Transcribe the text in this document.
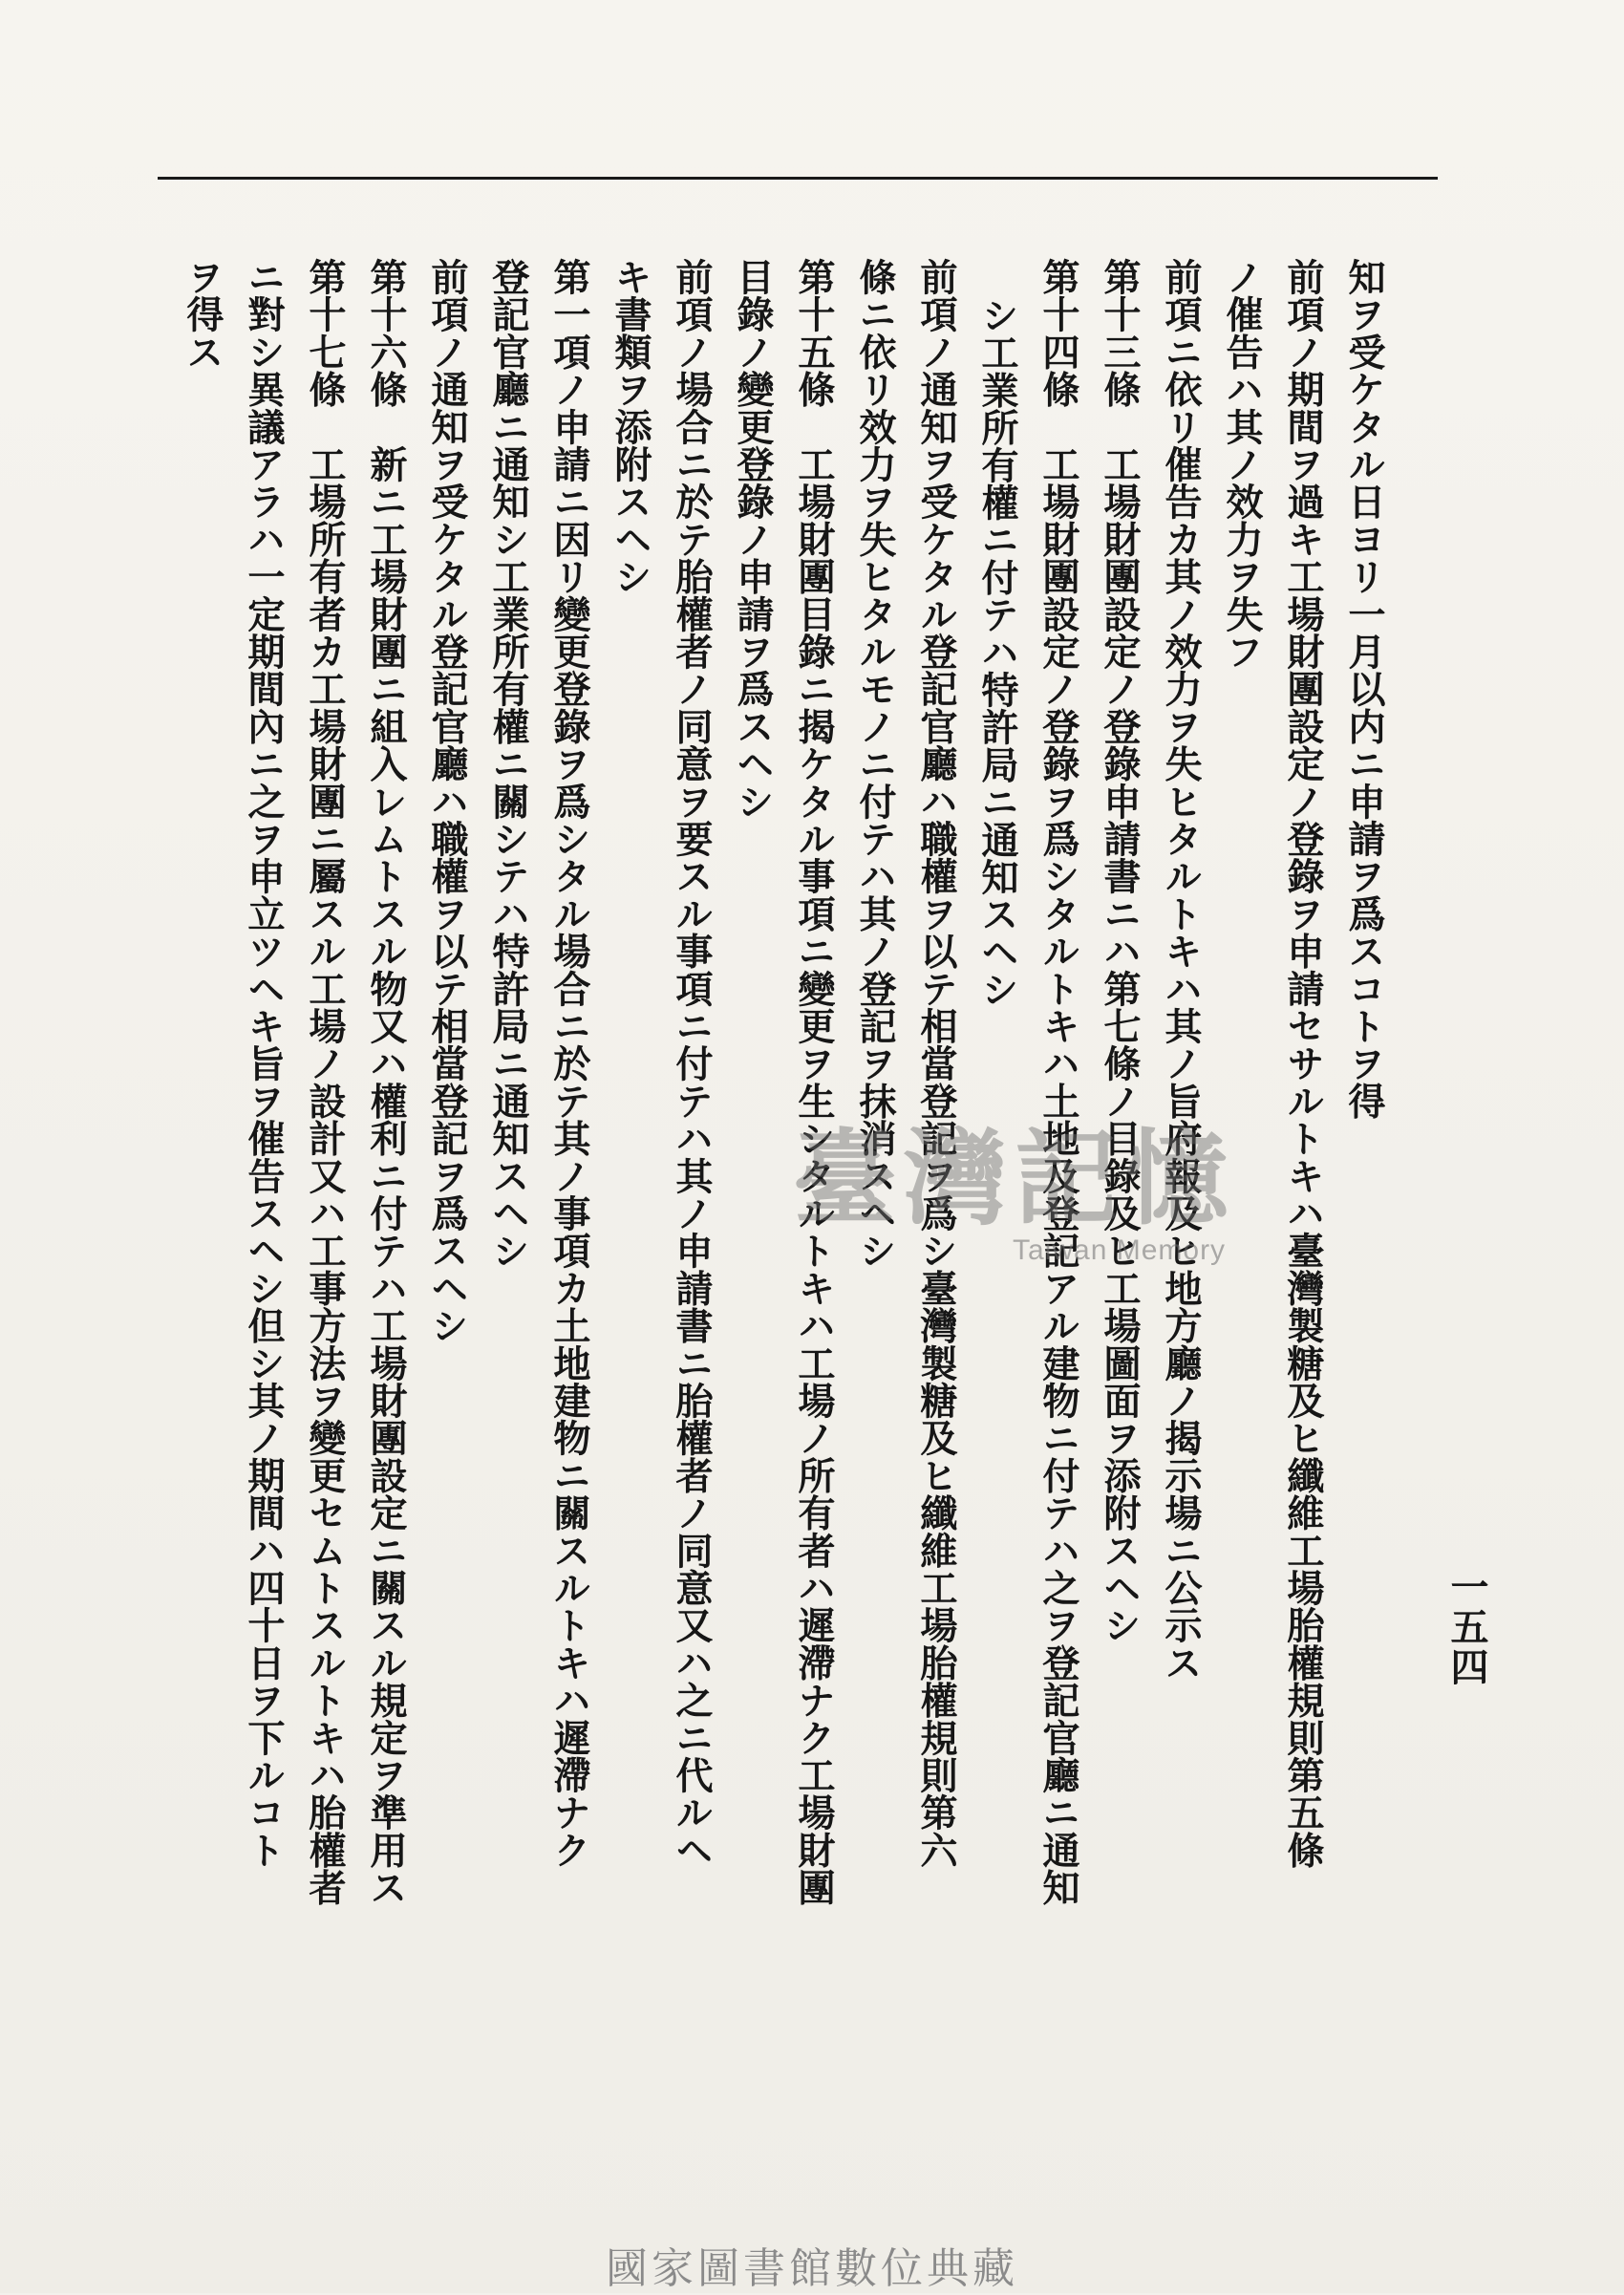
一五四
知ヲ受ケタル日ヨリ一月以内ニ申請ヲ爲スコトヲ得
前項ノ期間ヲ過キ工場財團設定ノ登錄ヲ申請セサルトキハ臺灣製糖及ヒ纖維工場胎權規則第五條
ノ催告ハ其ノ效力ヲ失フ
前項ニ依リ催告カ其ノ效力ヲ失ヒタルトキハ其ノ旨府報及ヒ地方廳ノ揭示場ニ公示ス
第十三條　工場財團設定ノ登錄申請書ニハ第七條ノ目錄及ヒ工場圖面ヲ添附スヘシ
第十四條　工場財團設定ノ登錄ヲ爲シタルトキハ土地及登記アル建物ニ付テハ之ヲ登記官廳ニ通知
シ工業所有權ニ付テハ特許局ニ通知スヘシ
前項ノ通知ヲ受ケタル登記官廳ハ職權ヲ以テ相當登記ヲ爲シ臺灣製糖及ヒ纖維工場胎權規則第六
條ニ依リ效力ヲ失ヒタルモノニ付テハ其ノ登記ヲ抹消スヘシ
第十五條　工場財團目錄ニ揭ケタル事項ニ變更ヲ生シタルトキハ工場ノ所有者ハ遲滯ナク工場財團
目錄ノ變更登錄ノ申請ヲ爲スヘシ
前項ノ場合ニ於テ胎權者ノ同意ヲ要スル事項ニ付テハ其ノ申請書ニ胎權者ノ同意又ハ之ニ代ルヘ
キ書類ヲ添附スヘシ
第一項ノ申請ニ因リ變更登錄ヲ爲シタル場合ニ於テ其ノ事項カ土地建物ニ關スルトキハ遲滯ナク
登記官廳ニ通知シ工業所有權ニ關シテハ特許局ニ通知スヘシ
前項ノ通知ヲ受ケタル登記官廳ハ職權ヲ以テ相當登記ヲ爲スヘシ
第十六條　新ニ工場財團ニ組入レムトスル物又ハ權利ニ付テハ工場財團設定ニ關スル規定ヲ準用ス
第十七條　工場所有者カ工場財團ニ屬スル工場ノ設計又ハ工事方法ヲ變更セムトスルトキハ胎權者
ニ對シ異議アラハ一定期間內ニ之ヲ申立ツヘキ旨ヲ催告スヘシ但シ其ノ期間ハ四十日ヲ下ルコト
ヲ得ス
臺灣記憶
Taiwan Memory
國家圖書館數位典藏
